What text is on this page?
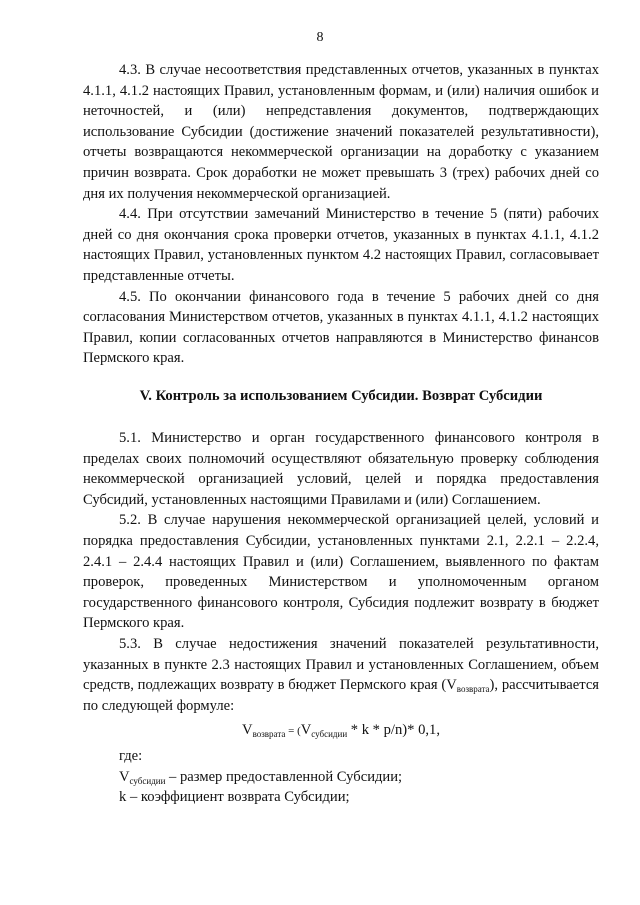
8

4.3. В случае несоответствия представленных отчетов, указанных в пунктах 4.1.1, 4.1.2 настоящих Правил, установленным формам, и (или) наличия ошибок и неточностей, и (или) непредставления документов, подтверждающих использование Субсидии (достижение значений показателей результативности), отчеты возвращаются некоммерческой организации на доработку с указанием причин возврата. Срок доработки не может превышать 3 (трех) рабочих дней со дня их получения некоммерческой организацией.

4.4. При отсутствии замечаний Министерство в течение 5 (пяти) рабочих дней со дня окончания срока проверки отчетов, указанных в пунктах 4.1.1, 4.1.2 настоящих Правил, установленных пунктом 4.2 настоящих Правил, согласовывает представленные отчеты.

4.5. По окончании финансового года в течение 5 рабочих дней со дня согласования Министерством отчетов, указанных в пунктах 4.1.1, 4.1.2 настоящих Правил, копии согласованных отчетов направляются в Министерство финансов Пермского края.

V. Контроль за использованием Субсидии. Возврат Субсидии

5.1. Министерство и орган государственного финансового контроля в пределах своих полномочий осуществляют обязательную проверку соблюдения некоммерческой организацией условий, целей и порядка предоставления Субсидий, установленных настоящими Правилами и (или) Соглашением.

5.2. В случае нарушения некоммерческой организацией целей, условий и порядка предоставления Субсидии, установленных пунктами 2.1, 2.2.1 – 2.2.4, 2.4.1 – 2.4.4 настоящих Правил и (или) Соглашением, выявленного по фактам проверок, проведенных Министерством и уполномоченным органом государственного финансового контроля, Субсидия подлежит возврату в бюджет Пермского края.

5.3. В случае недостижения значений показателей результативности, указанных в пункте 2.3 настоящих Правил и установленных Соглашением, объем средств, подлежащих возврату в бюджет Пермского края $(V_{возврата})$, рассчитывается по следующей формуле:

$V_{возврата} = (V_{субсидии} * k * p/n)*$ 0,1,
где:
$V_{субсидии}$ – размер предоставленной Субсидии;
k – коэффициент возврата Субсидии;
